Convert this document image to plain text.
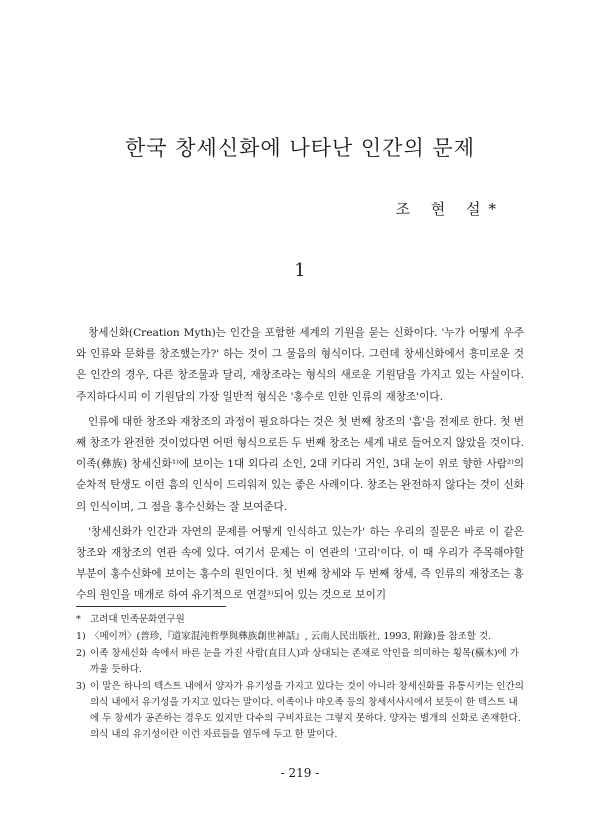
한국 창세신화에 나타난 인간의 문제
조 현 설*
1

창세신화(Creation Myth)는 인간을 포함한 세계의 기원을 묻는 신화이다. '누가 어떻게 우주와 인류와 문화를 창조했는가?' 하는 것이 그 물음의 형식이다. 그런데 창세신화에서 흥미로운 것은 인간의 경우, 다른 창조물과 달리, 재창조라는 형식의 새로운 기원담을 가지고 있는 사실이다. 주지하다시피 이 기원담의 가장 일반적 형식은 '홍수로 인한 인류의 재창조'이다.

인류에 대한 창조와 재창조의 과정이 필요하다는 것은 첫 번째 창조의 '흠'을 전제로 한다. 첫 번째 창조가 완전한 것이었다면 어떤 형식으로든 두 번째 창조는 세계 내로 들어오지 않았을 것이다. 이족(彝族) 창세신화¹⁾에 보이는 1대 외다리 소인, 2대 키다리 거인, 3대 눈이 위로 향한 사람²⁾의 순차적 탄생도 이런 흠의 인식이 드리워져 있는 좋은 사례이다. 창조는 완전하지 않다는 것이 신화의 인식이며, 그 점을 홍수신화는 잘 보여준다.

'창세신화가 인간과 자연의 문제를 어떻게 인식하고 있는가' 하는 우리의 질문은 바로 이 같은 창조와 재창조의 연관 속에 있다. 여기서 문제는 이 연관의 '고리'이다. 이 때 우리가 주목해야할 부분이 홍수신화에 보이는 홍수의 원인이다. 첫 번째 창세와 두 번째 창세, 즉 인류의 재창조는 홍수의 원인을 매개로 하여 유기적으로 연결³⁾되어 있는 것으로 보이기

* 고려대 민족문화연구원
1) 〈메이꺼〉(普珍,『道家混沌哲學與彝族創世神話』, 云南人民出版社, 1993, 附錄)를 참조할 것.
2) 이족 창세신화 속에서 바른 눈을 가진 사람(直目人)과 상대되는 존재로 악인을 의미하는 횡목(橫木)에 가까울 듯하다.
3) 이 말은 하나의 텍스트 내에서 양자가 유기성을 가지고 있다는 것이 아니라 창세신화를 유통시키는 인간의 의식 내에서 유기성을 가지고 있다는 말이다. 이족이나 먀오족 등의 창세서사시에서 보듯이 한 텍스트 내에 두 창세가 공존하는 경우도 있지만 다수의 구비자료는 그렇지 못하다. 양자는 별개의 신화로 존재한다. 의식 내의 유기성이란 이런 자료들을 염두에 두고 한 말이다.
- 219 -
